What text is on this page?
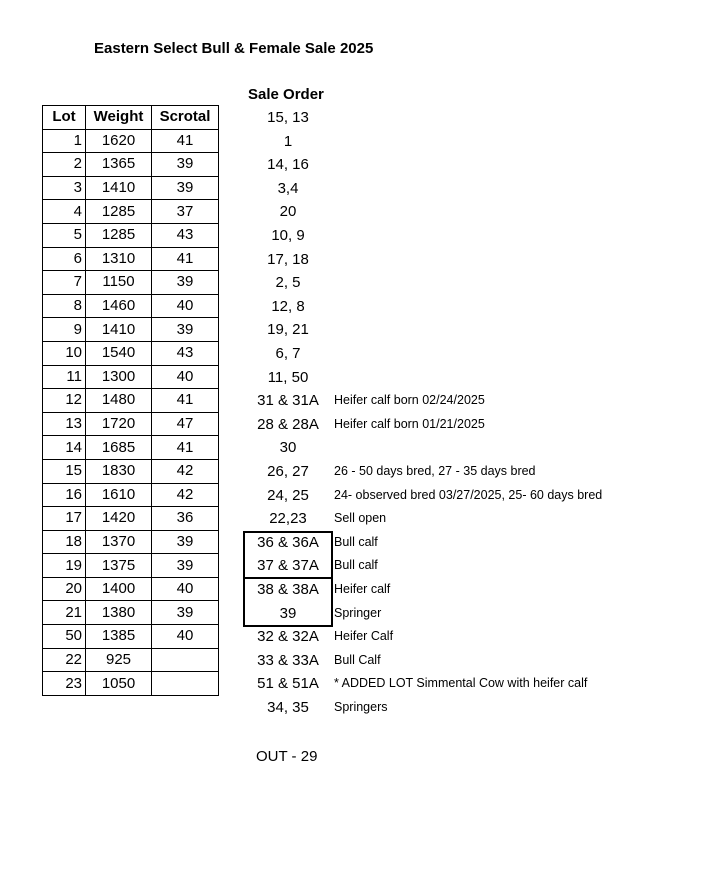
Eastern Select Bull & Female Sale 2025
Sale Order
Lot	Weight	Scrotal
1	1620	41
2	1365	39
3	1410	39
4	1285	37
5	1285	43
6	1310	41
7	1150	39
8	1460	40
9	1410	39
10	1540	43
11	1300	40
12	1480	41
13	1720	47
14	1685	41
15	1830	42
16	1610	42
17	1420	36
18	1370	39
19	1375	39
20	1400	40
21	1380	39
50	1385	40
22	925	
23	1050	
15, 13
1
14, 16
3,4
20
10, 9
17, 18
2, 5
12, 8
19, 21
6, 7
11, 50
31 & 31A	Heifer calf born 02/24/2025
28 & 28A	Heifer calf born 01/21/2025
30
26, 27	26 - 50 days bred, 27 - 35 days bred
24, 25	24- observed bred 03/27/2025, 25- 60 days bred
22,23	Sell open
36 & 36A	Bull calf
37 & 37A	Bull calf
38 & 38A	Heifer calf
39	Springer
32 & 32A	Heifer Calf
33 & 33A	Bull Calf
51 & 51A	* ADDED LOT Simmental Cow with heifer calf
34, 35	Springers
OUT - 29
